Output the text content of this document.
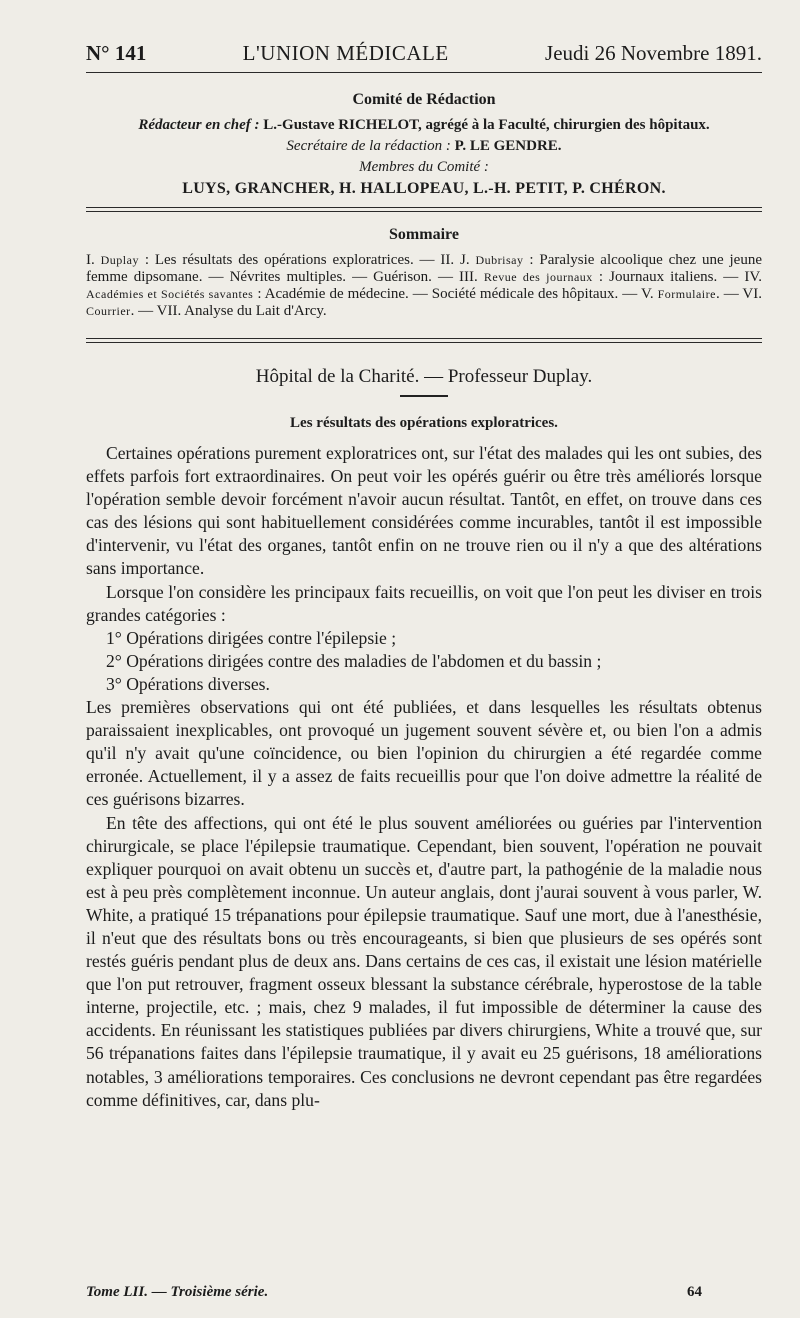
N° 141	L'UNION MÉDICALE	Jeudi 26 Novembre 1891.
Comité de Rédaction
Rédacteur en chef : L.-Gustave RICHELOT, agrégé à la Faculté, chirurgien des hôpitaux.
Secrétaire de la rédaction : P. LE GENDRE.
Membres du Comité :
LUYS, GRANCHER, H. HALLOPEAU, L.-H. PETIT, P. CHÉRON.
Sommaire
I. Duplay : Les résultats des opérations exploratrices. — II. J. Dubrisay : Paralysie alcoolique chez une jeune femme dipsomane. — Névrites multiples. — Guérison. — III. Revue des journaux : Journaux italiens. — IV. Académies et Sociétés savantes : Académie de médecine. — Société médicale des hôpitaux. — V. Formulaire. — VI. Courrier. — VII. Analyse du Lait d'Arcy.
Hôpital de la Charité. — Professeur Duplay.
Les résultats des opérations exploratrices.

Certaines opérations purement exploratrices ont, sur l'état des malades qui les ont subies, des effets parfois fort extraordinaires. On peut voir les opérés guérir ou être très améliorés lorsque l'opération semble devoir forcément n'avoir aucun résultat. Tantôt, en effet, on trouve dans ces cas des lésions qui sont habituellement considérées comme incurables, tantôt il est impossible d'intervenir, vu l'état des organes, tantôt enfin on ne trouve rien ou il n'y a que des altérations sans importance.

Lorsque l'on considère les principaux faits recueillis, on voit que l'on peut les diviser en trois grandes catégories :

1° Opérations dirigées contre l'épilepsie ;

2° Opérations dirigées contre des maladies de l'abdomen et du bassin ;

3° Opérations diverses.

Les premières observations qui ont été publiées, et dans lesquelles les résultats obtenus paraissaient inexplicables, ont provoqué un jugement souvent sévère et, ou bien l'on a admis qu'il n'y avait qu'une coïncidence, ou bien l'opinion du chirurgien a été regardée comme erronée. Actuellement, il y a assez de faits recueillis pour que l'on doive admettre la réalité de ces guérisons bizarres.

En tête des affections, qui ont été le plus souvent améliorées ou guéries par l'intervention chirurgicale, se place l'épilepsie traumatique. Cependant, bien souvent, l'opération ne pouvait expliquer pourquoi on avait obtenu un succès et, d'autre part, la pathogénie de la maladie nous est à peu près complètement inconnue. Un auteur anglais, dont j'aurai souvent à vous parler, W. White, a pratiqué 15 trépanations pour épilepsie traumatique. Sauf une mort, due à l'anesthésie, il n'eut que des résultats bons ou très encourageants, si bien que plusieurs de ses opérés sont restés guéris pendant plus de deux ans. Dans certains de ces cas, il existait une lésion matérielle que l'on put retrouver, fragment osseux blessant la substance cérébrale, hyperostose de la table interne, projectile, etc. ; mais, chez 9 malades, il fut impossible de déterminer la cause des accidents. En réunissant les statistiques publiées par divers chirurgiens, White a trouvé que, sur 56 trépanations faites dans l'épilepsie traumatique, il y avait eu 25 guérisons, 18 améliorations notables, 3 améliorations temporaires. Ces conclusions ne devront cependant pas être regardées comme définitives, car, dans plu-

Tome LII. — Troisième série.	64
